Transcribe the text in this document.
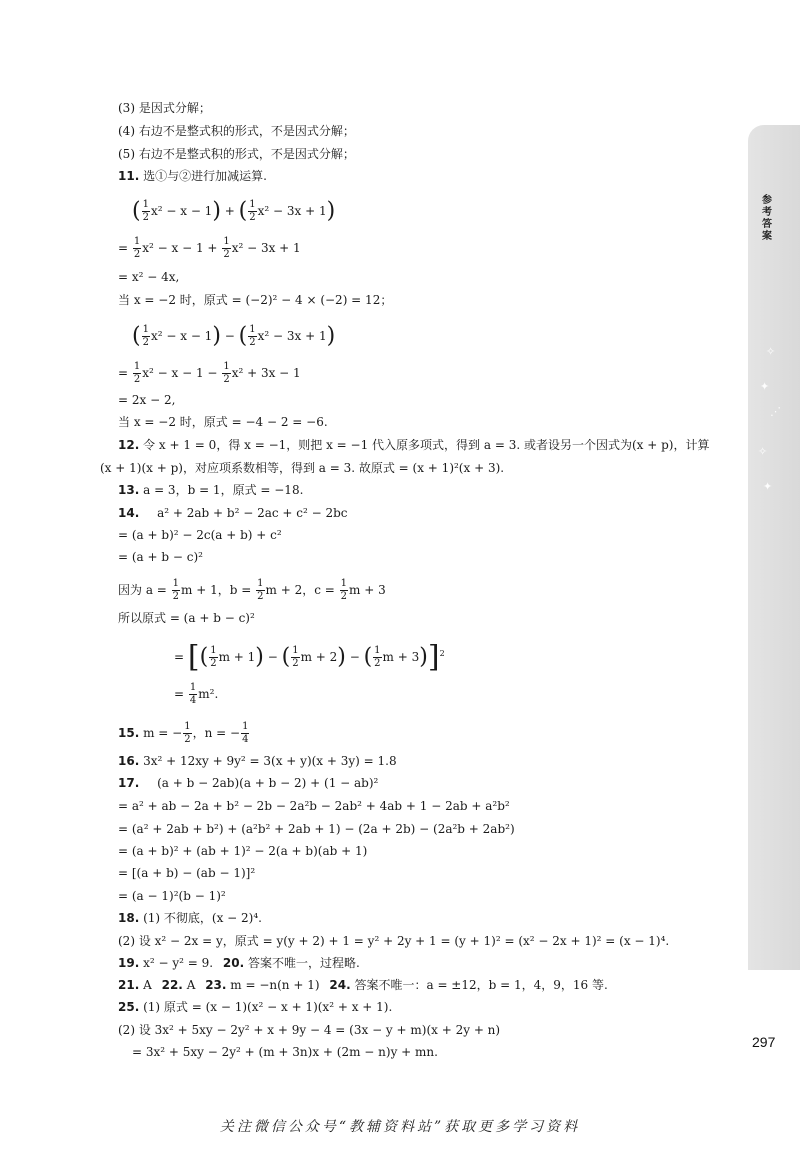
参考答案
✧
✦
⋰
✧
✦
297
(3) 是因式分解；
(4) 右边不是整式积的形式，不是因式分解；
(5) 右边不是整式积的形式，不是因式分解；
11. 选①与②进行加减运算.
( $\frac{1}{2} x^2 - x - 1$) + ( $\frac{1}{2} x^2 - 3x + 1$)
= $\frac{1}{2} x^2 - x - 1 + \frac{1}{2} x^2 - 3x + 1$
= x² − 4x,
当 x = −2 时，原式 = (−2)² − 4 × (−2) = 12；
( $\frac{1}{2} x^2 - x - 1$) − ( $\frac{1}{2} x^2 - 3x + 1$)
= $\frac{1}{2} x^2 - x - 1 - \frac{1}{2} x^2 + 3x - 1$
= 2x − 2,
当 x = −2 时，原式 = −4 − 2 = −6.
12. 令 x + 1 = 0，得 x = −1，则把 x = −1 代入原多项式，得到 a = 3. 或者设另一个因式为(x + p)，计算
(x + 1)(x + p)，对应项系数相等，得到 a = 3. 故原式 = (x + 1)²(x + 3).
13. a = 3，b = 1，原式 = −18.
14. a² + 2ab + b² − 2ac + c² − 2bc
= (a + b)² − 2c(a + b) + c²
= (a + b − c)²
因为 $a = \frac{1}{2}$ m + 1，$b = \frac{1}{2}$ m + 2，$c = \frac{1}{2}$ m + 3
所以原式 = (a + b − c)²
= [( $\frac{1}{2}$ m + 1) − ( $\frac{1}{2}$ m + 2) − ( $\frac{1}{2}$ m + 3)]$^2$
= $\frac{1}{4} m^2$.
15. m = − $\frac{1}{2}$ ，n = − $\frac{1}{4}$
16. 3x² + 12xy + 9y² = 3(x + y)(x + 3y) = 1.8
17. (a + b − 2ab)(a + b − 2) + (1 − ab)²
= a² + ab − 2a + b² − 2b − 2a²b − 2ab² + 4ab + 1 − 2ab + a²b²
= (a² + 2ab + b²) + (a²b² + 2ab + 1) − (2a + 2b) − (2a²b + 2ab²)
= (a + b)² + (ab + 1)² − 2(a + b)(ab + 1)
= [(a + b) − (ab − 1)]²
= (a − 1)²(b − 1)²
18. (1) 不彻底，(x − 2)⁴.
(2) 设 x² − 2x = y，原式 = y(y + 2) + 1 = y² + 2y + 1 = (y + 1)² = (x² − 2x + 1)² = (x − 1)⁴.
19. x² − y² = 9. 20. 答案不唯一，过程略.
21. A 22. A 23. m = −n(n + 1) 24. 答案不唯一：a = ±12，b = 1，4，9，16 等.
25. (1) 原式 = (x − 1)(x² − x + 1)(x² + x + 1).
(2) 设 3x² + 5xy − 2y² + x + 9y − 4 = (3x − y + m)(x + 2y + n)
= 3x² + 5xy − 2y² + (m + 3n)x + (2m − n)y + mn.
关注微信公众号“教辅资料站”获取更多学习资料
